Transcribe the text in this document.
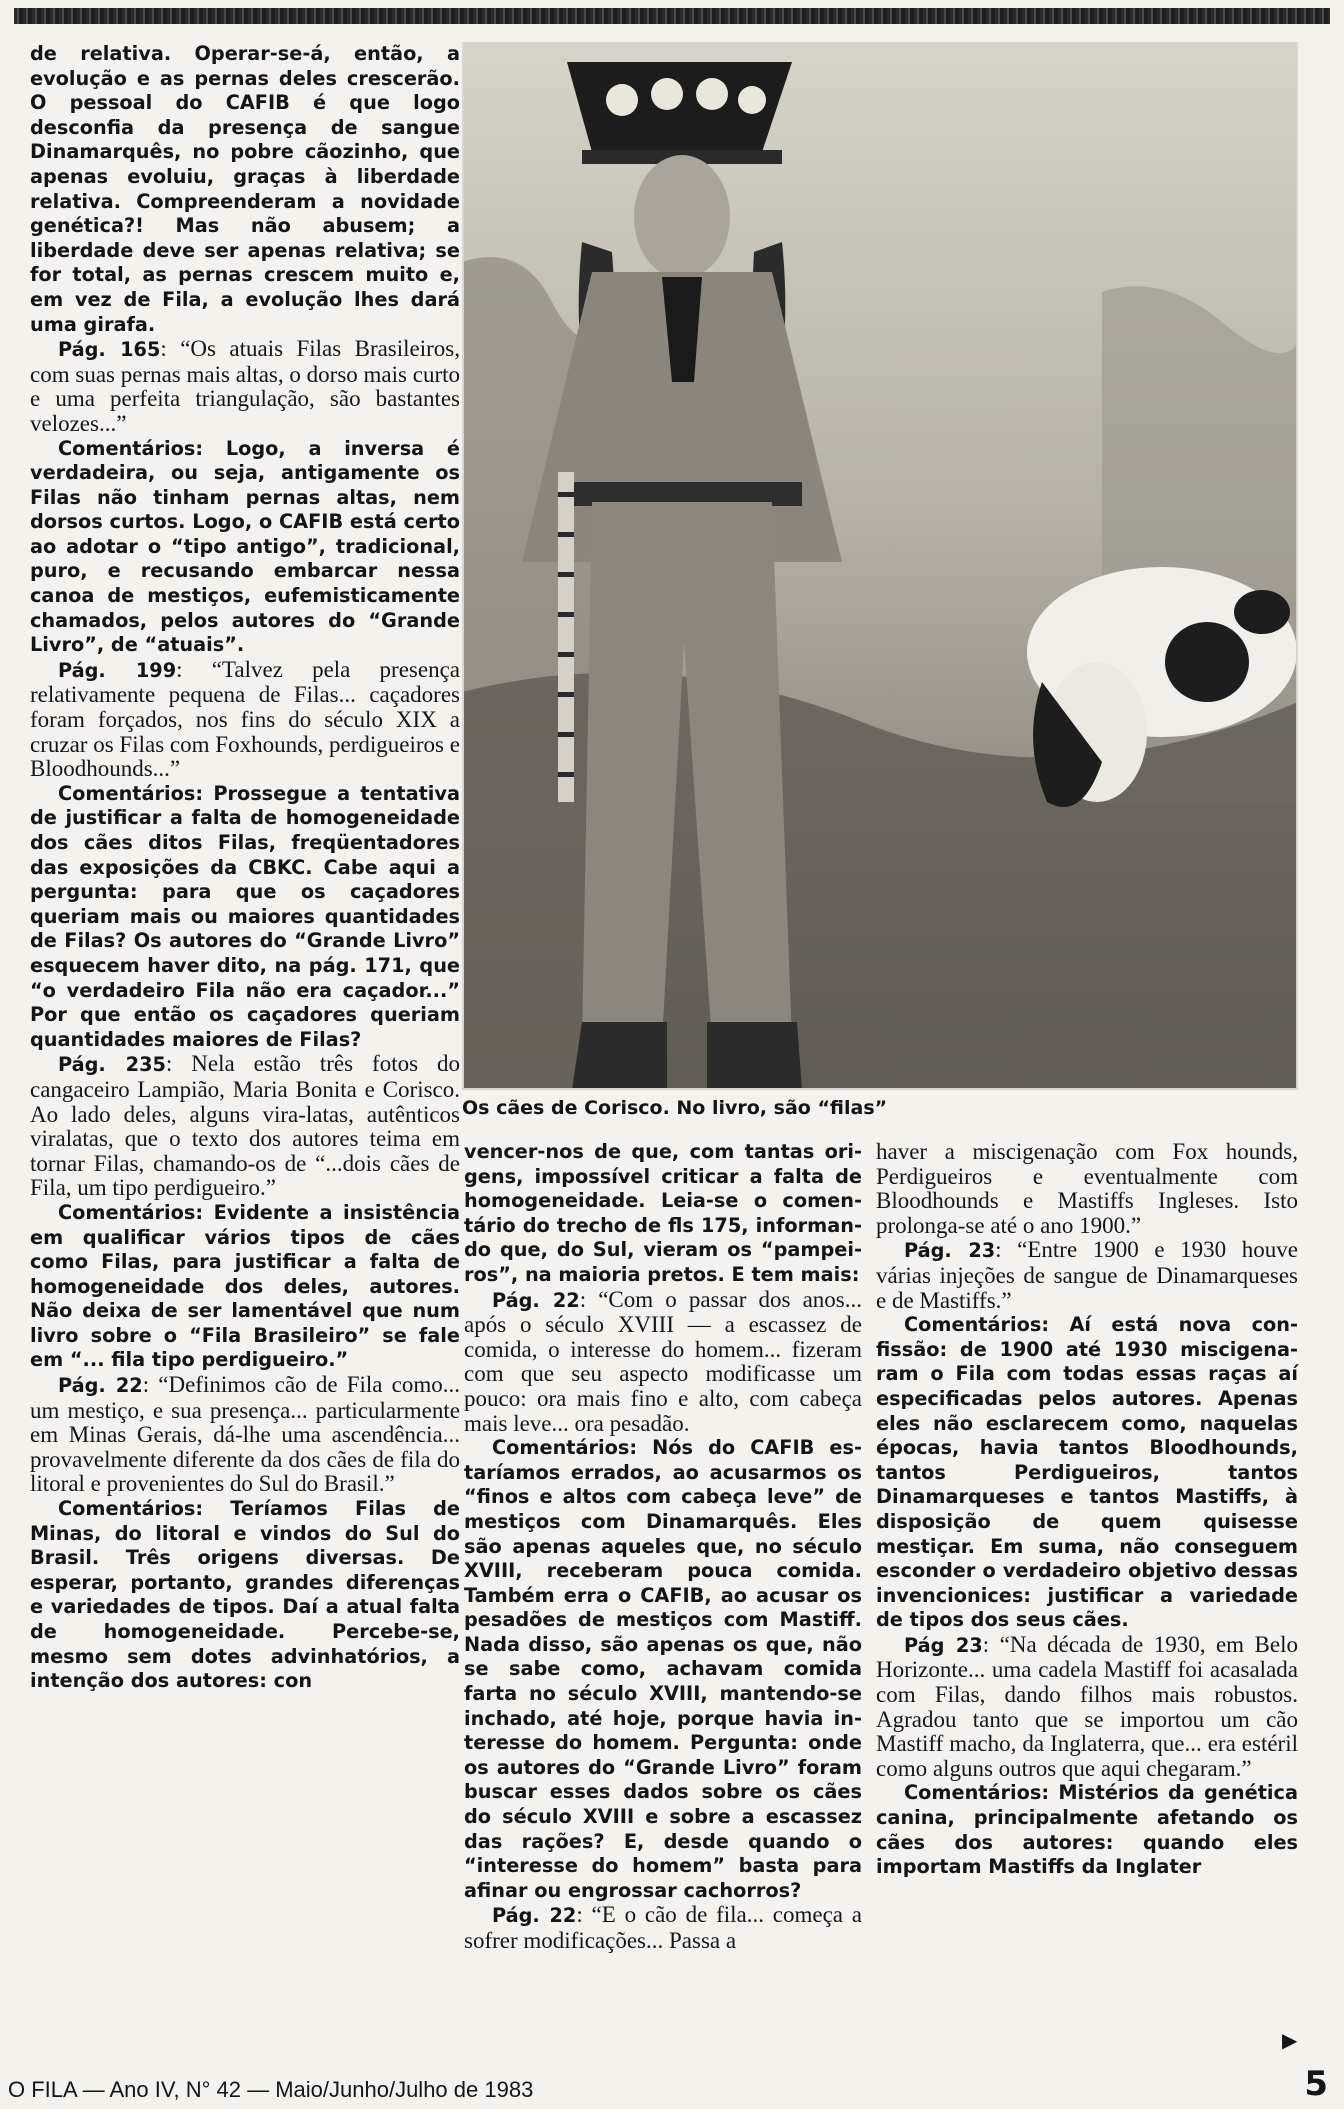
de relativa. Operar-se-á, então, a evolução e as pernas deles crescerão. O pessoal do CAFIB é que logo desconfia da presença de sangue Dinamarquês, no pobre cãozinho, que apenas evoluiu, graças à liberdade relativa. Compreenderam a novidade genética?! Mas não abusem; a liberdade deve ser apenas relativa; se for total, as pernas crescem muito e, em vez de Fila, a evolução lhes dará uma girafa.

Pág. 165: “Os atuais Filas Brasileiros, com suas pernas mais altas, o dorso mais curto e uma perfeita triangulação, são bastantes velozes...”

Comentários: Logo, a inversa é verdadeira, ou seja, antigamente os Filas não tinham pernas altas, nem dorsos curtos. Logo, o CAFIB está certo ao adotar o “tipo antigo”, tradicional, puro, e recusando embarcar nessa canoa de mestiços, eufemisticamente chamados, pelos autores do “Grande Livro”, de “atuais”.

Pág. 199: “Talvez pela presença relativamente pequena de Filas... caçadores foram forçados, nos fins do século XIX a cruzar os Filas com Foxhounds, perdigueiros e Bloodhounds...”

Comentários: Prossegue a tentativa de justificar a falta de homogeneidade dos cães ditos Filas, freqüentadores das exposições da CBKC. Cabe aqui a pergunta: para que os caçadores queriam mais ou maiores quantidades de Filas? Os autores do “Grande Livro” esquecem haver dito, na pág. 171, que “o verdadeiro Fila não era caçador...” Por que então os caçadores queriam quantidades maiores de Filas?

Pág. 235: Nela estão três fotos do cangaceiro Lampião, Maria Bonita e Corisco. Ao lado deles, alguns vira-latas, autênticos viralatas, que o texto dos autores teima em tornar Filas, chamando-os de “...dois cães de Fila, um tipo perdigueiro.”

Comentários: Evidente a insistência em qualificar vários tipos de cães como Filas, para justificar a falta de homogeneidade dos deles, autores. Não deixa de ser lamentável que num livro sobre o “Fila Brasileiro” se fale em “... fila tipo perdigueiro.”

Pág. 22: “Definimos cão de Fila como... um mestiço, e sua presença... particularmente em Minas Gerais, dá-lhe uma ascendência... provavelmente diferente da dos cães de fila do litoral e provenientes do Sul do Brasil.”

Comentários: Teríamos Filas de Minas, do litoral e vindos do Sul do Brasil. Três origens diversas. De esperar, portanto, grandes diferenças e variedades de tipos. Daí a atual falta de homogeneidade. Percebe-se, mesmo sem dotes advinhatórios, a intenção dos autores: con

Os cães de Corisco. No livro, são “filas”

vencer-nos de que, com tantas origens, impossível criticar a falta de homogeneidade. Leia-se o comentário do trecho de fls 175, informando que, do Sul, vieram os “pampeiros”, na maioria pretos. E tem mais:

Pág. 22: “Com o passar dos anos... após o século XVIII — a escassez de comida, o interesse do homem... fizeram com que seu aspecto modificasse um pouco: ora mais fino e alto, com cabeça mais leve... ora pesadão.

Comentários: Nós do CAFIB estaríamos errados, ao acusarmos os “finos e altos com cabeça leve” de mestiços com Dinamarquês. Eles são apenas aqueles que, no século XVIII, receberam pouca comida. Também erra o CAFIB, ao acusar os pesadões de mestiços com Mastiff. Nada disso, são apenas os que, não se sabe como, achavam comida farta no século XVIII, mantendo-se inchado, até hoje, porque havia interesse do homem. Pergunta: onde os autores do “Grande Livro” foram buscar esses dados sobre os cães do século XVIII e sobre a escassez das rações? E, desde quando o “interesse do homem” basta para afinar ou engrossar cachorros?

Pág. 22: “E o cão de fila... começa a sofrer modificações... Passa a

haver a miscigenação com Fox hounds, Perdigueiros e eventualmente com Bloodhounds e Mastiffs Ingleses. Isto prolonga-se até o ano 1900.”

Pág. 23: “Entre 1900 e 1930 houve várias injeções de sangue de Dinamarqueses e de Mastiffs.”

Comentários: Aí está nova confissão: de 1900 até 1930 miscigenaram o Fila com todas essas raças aí especificadas pelos autores. Apenas eles não esclarecem como, naquelas épocas, havia tantos Bloodhounds, tantos Perdigueiros, tantos Dinamarqueses e tantos Mastiffs, à disposição de quem quisesse mestiçar. Em suma, não conseguem esconder o verdadeiro objetivo dessas invencionices: justificar a variedade de tipos dos seus cães.

Pág 23: “Na década de 1930, em Belo Horizonte... uma cadela Mastiff foi acasalada com Filas, dando filhos mais robustos. Agradou tanto que se importou um cão Mastiff macho, da Inglaterra, que... era estéril como alguns outros que aqui chegaram.”

Comentários: Mistérios da genética canina, principalmente afetando os cães dos autores: quando eles importam Mastiffs da Inglater

▶
O FILA — Ano IV, N° 42 — Maio/Junho/Julho de 1983	5
